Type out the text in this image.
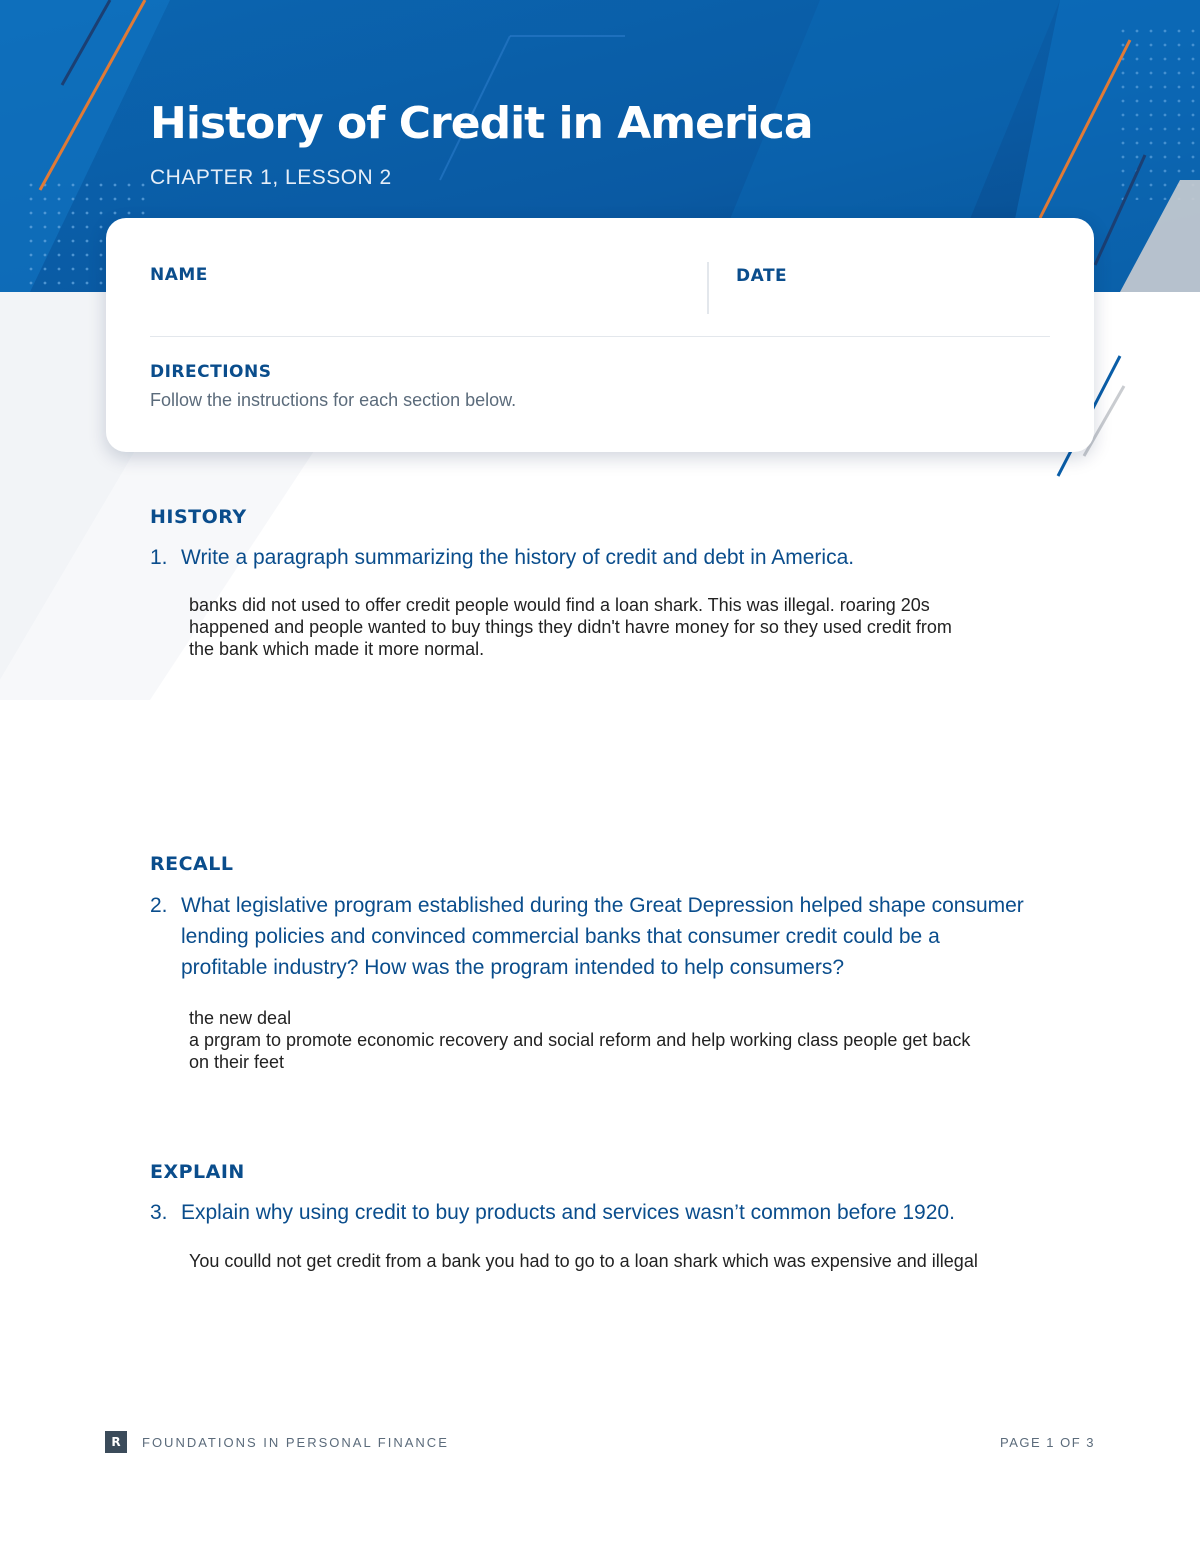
History of Credit in America
CHAPTER 1, LESSON 2
NAME	DATE
DIRECTIONS
Follow the instructions for each section below.
HISTORY
1. Write a paragraph summarizing the history of credit and debt in America.
banks did not used to offer credit people would find a loan shark. This was illegal. roaring 20s
happened and people wanted to buy things they didn't havre money for so they used credit from
the bank which made it more normal.
RECALL
2. What legislative program established during the Great Depression helped shape consumer lending policies and convinced commercial banks that consumer credit could be a profitable industry? How was the program intended to help consumers?
the new deal
a prgram to promote economic recovery and social reform and help working class people get back
on their feet
EXPLAIN
3. Explain why using credit to buy products and services wasn’t common before 1920.
You coulld not get credit from a bank you had to go to a loan shark which was expensive and illegal
R	FOUNDATIONS IN PERSONAL FINANCE	PAGE 1 OF 3
